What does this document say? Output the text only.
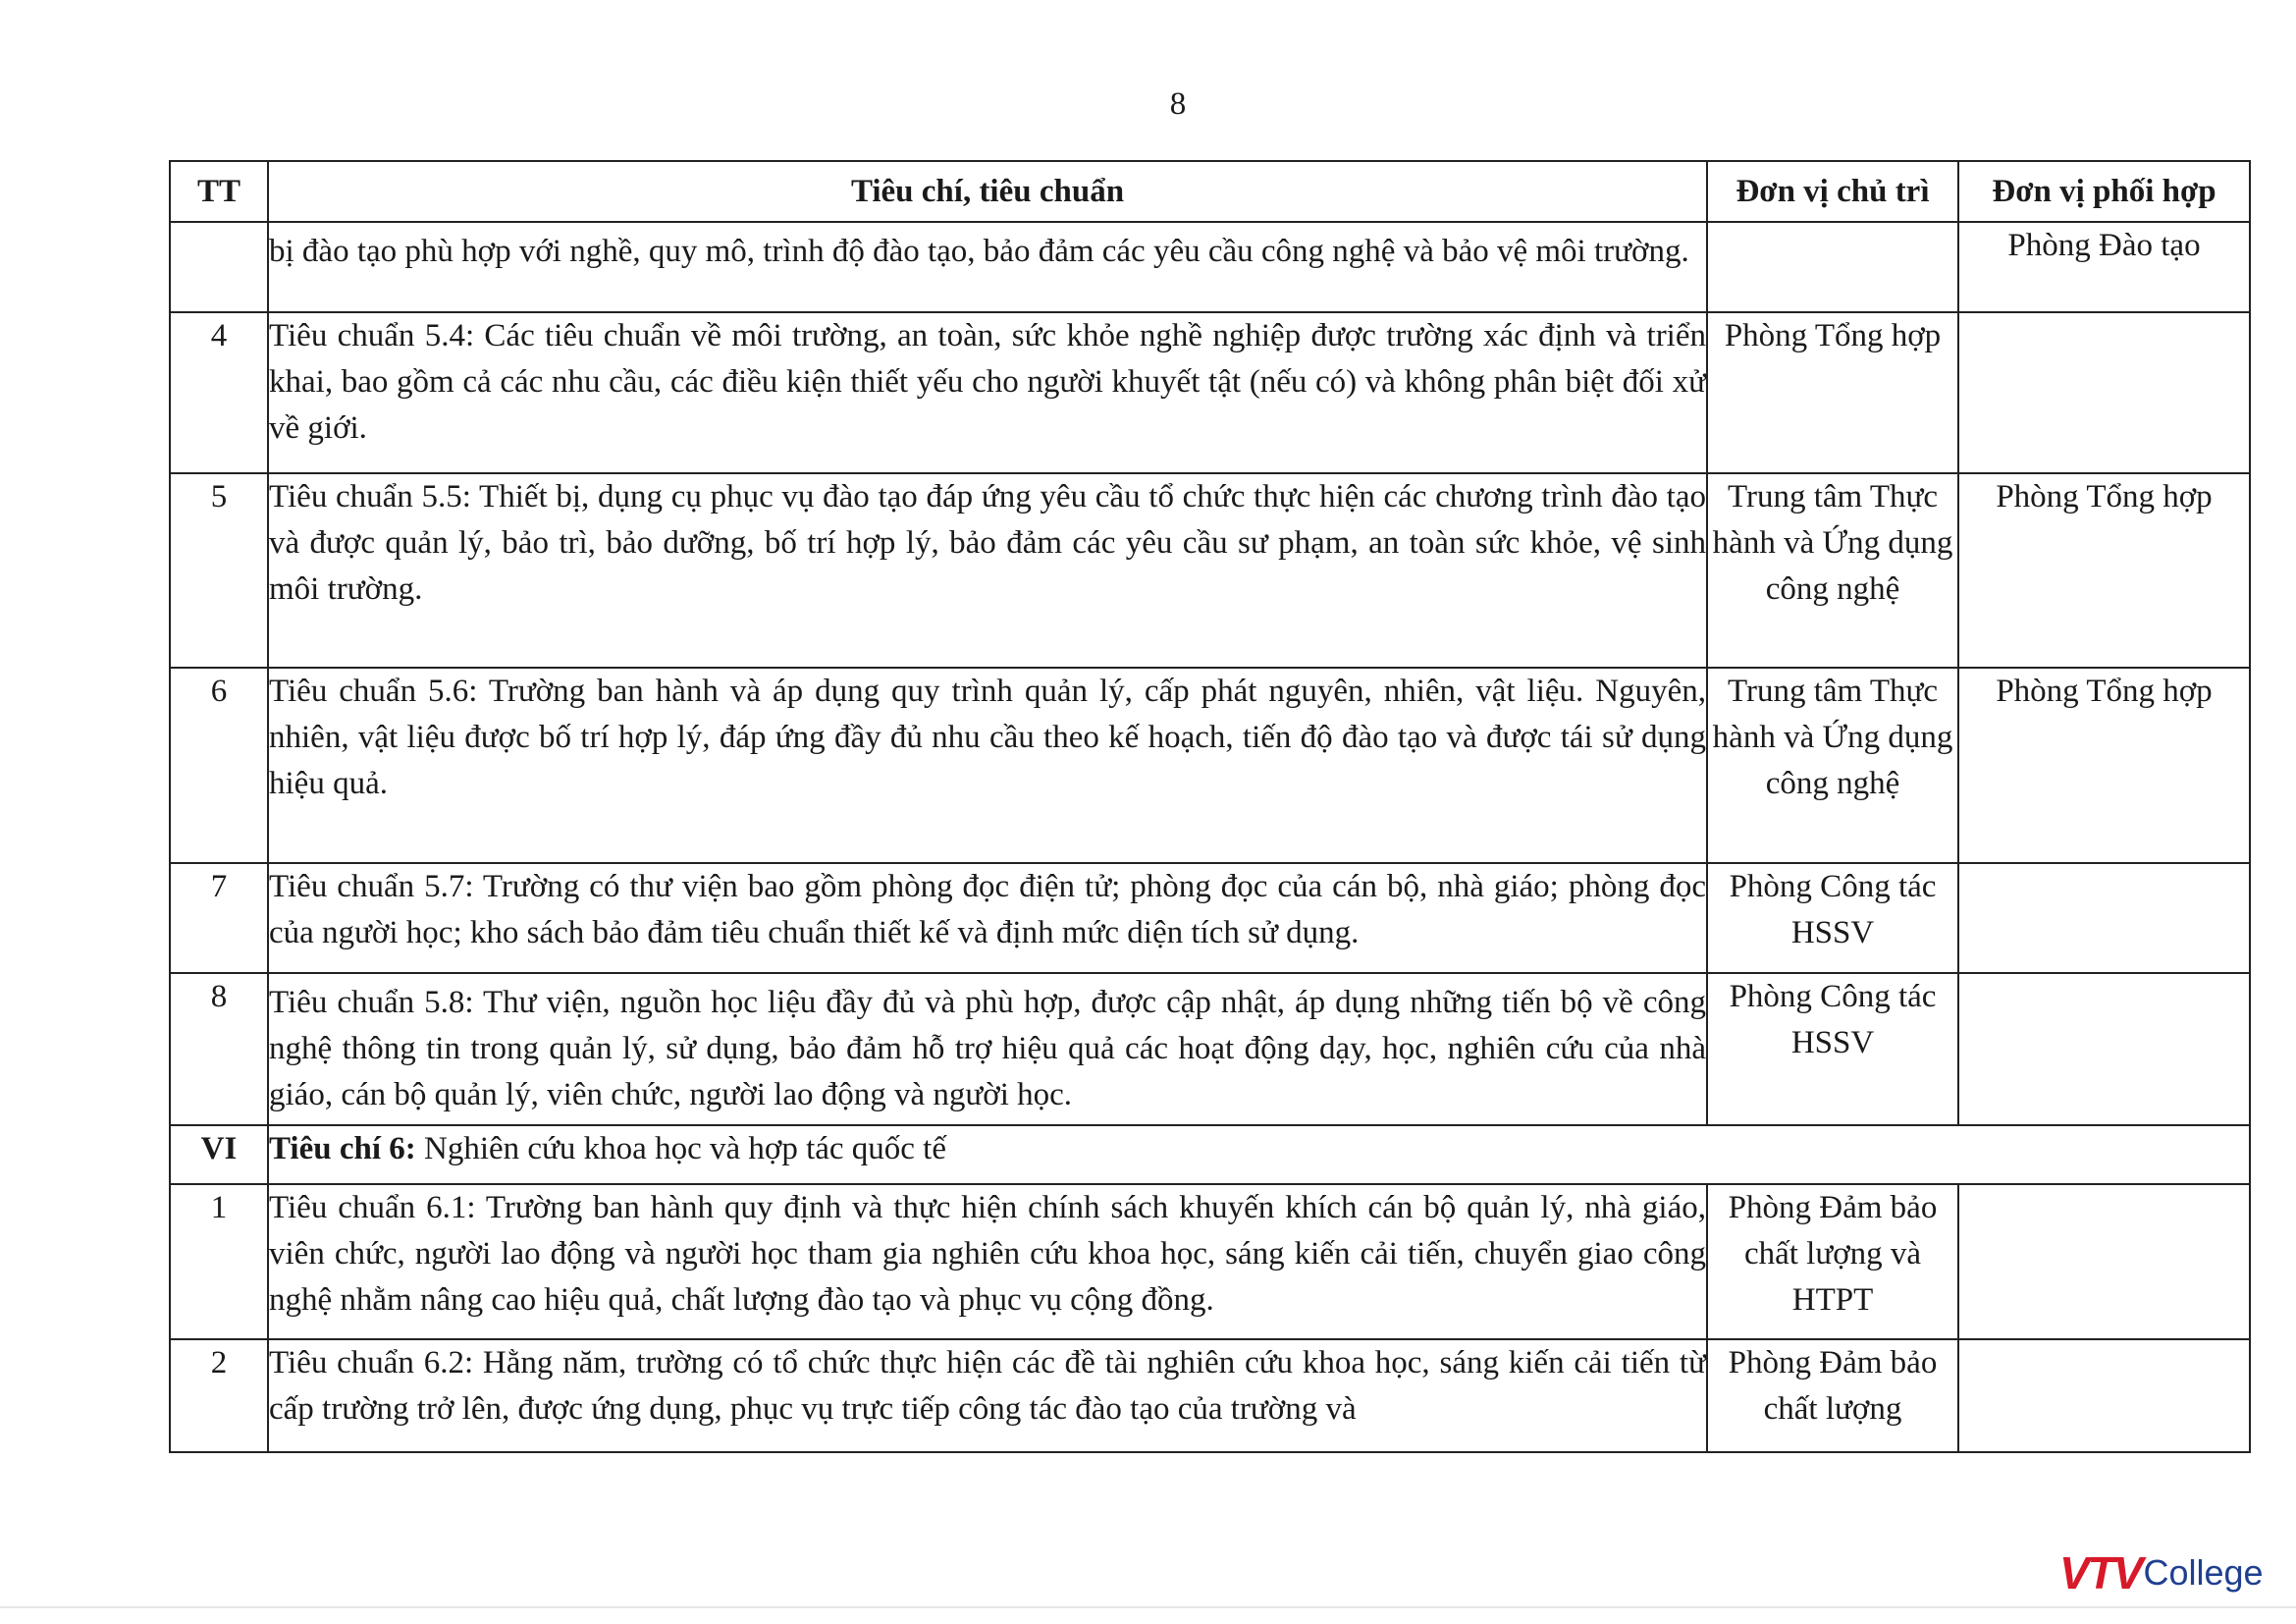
8
TT	Tiêu chí, tiêu chuẩn	Đơn vị chủ trì	Đơn vị phối hợp
	bị đào tạo phù hợp với nghề, quy mô, trình độ đào tạo, bảo đảm các yêu cầu công nghệ và bảo vệ môi trường.		Phòng Đào tạo
4	Tiêu chuẩn 5.4: Các tiêu chuẩn về môi trường, an toàn, sức khỏe nghề nghiệp được trường xác định và triển khai, bao gồm cả các nhu cầu, các điều kiện thiết yếu cho người khuyết tật (nếu có) và không phân biệt đối xử về giới.	Phòng Tổng hợp	
5	Tiêu chuẩn 5.5: Thiết bị, dụng cụ phục vụ đào tạo đáp ứng yêu cầu tổ chức thực hiện các chương trình đào tạo và được quản lý, bảo trì, bảo dưỡng, bố trí hợp lý, bảo đảm các yêu cầu sư phạm, an toàn sức khỏe, vệ sinh môi trường.	Trung tâm Thực hành và Ứng dụng công nghệ	Phòng Tổng hợp
6	Tiêu chuẩn 5.6: Trường ban hành và áp dụng quy trình quản lý, cấp phát nguyên, nhiên, vật liệu. Nguyên, nhiên, vật liệu được bố trí hợp lý, đáp ứng đầy đủ nhu cầu theo kế hoạch, tiến độ đào tạo và được tái sử dụng hiệu quả.	Trung tâm Thực hành và Ứng dụng công nghệ	Phòng Tổng hợp
7	Tiêu chuẩn 5.7: Trường có thư viện bao gồm phòng đọc điện tử; phòng đọc của cán bộ, nhà giáo; phòng đọc của người học; kho sách bảo đảm tiêu chuẩn thiết kế và định mức diện tích sử dụng.	Phòng Công tác HSSV	
8	Tiêu chuẩn 5.8: Thư viện, nguồn học liệu đầy đủ và phù hợp, được cập nhật, áp dụng những tiến bộ về công nghệ thông tin trong quản lý, sử dụng, bảo đảm hỗ trợ hiệu quả các hoạt động dạy, học, nghiên cứu của nhà giáo, cán bộ quản lý, viên chức, người lao động và người học.	Phòng Công tác HSSV	
VI	Tiêu chí 6: Nghiên cứu khoa học và hợp tác quốc tế		
1	Tiêu chuẩn 6.1: Trường ban hành quy định và thực hiện chính sách khuyến khích cán bộ quản lý, nhà giáo, viên chức, người lao động và người học tham gia nghiên cứu khoa học, sáng kiến cải tiến, chuyển giao công nghệ nhằm nâng cao hiệu quả, chất lượng đào tạo và phục vụ cộng đồng.	Phòng Đảm bảo chất lượng và HTPT	
2	Tiêu chuẩn 6.2: Hằng năm, trường có tổ chức thực hiện các đề tài nghiên cứu khoa học, sáng kiến cải tiến từ cấp trường trở lên, được ứng dụng, phục vụ trực tiếp công tác đào tạo của trường và	Phòng Đảm bảo chất lượng	
VTV College
